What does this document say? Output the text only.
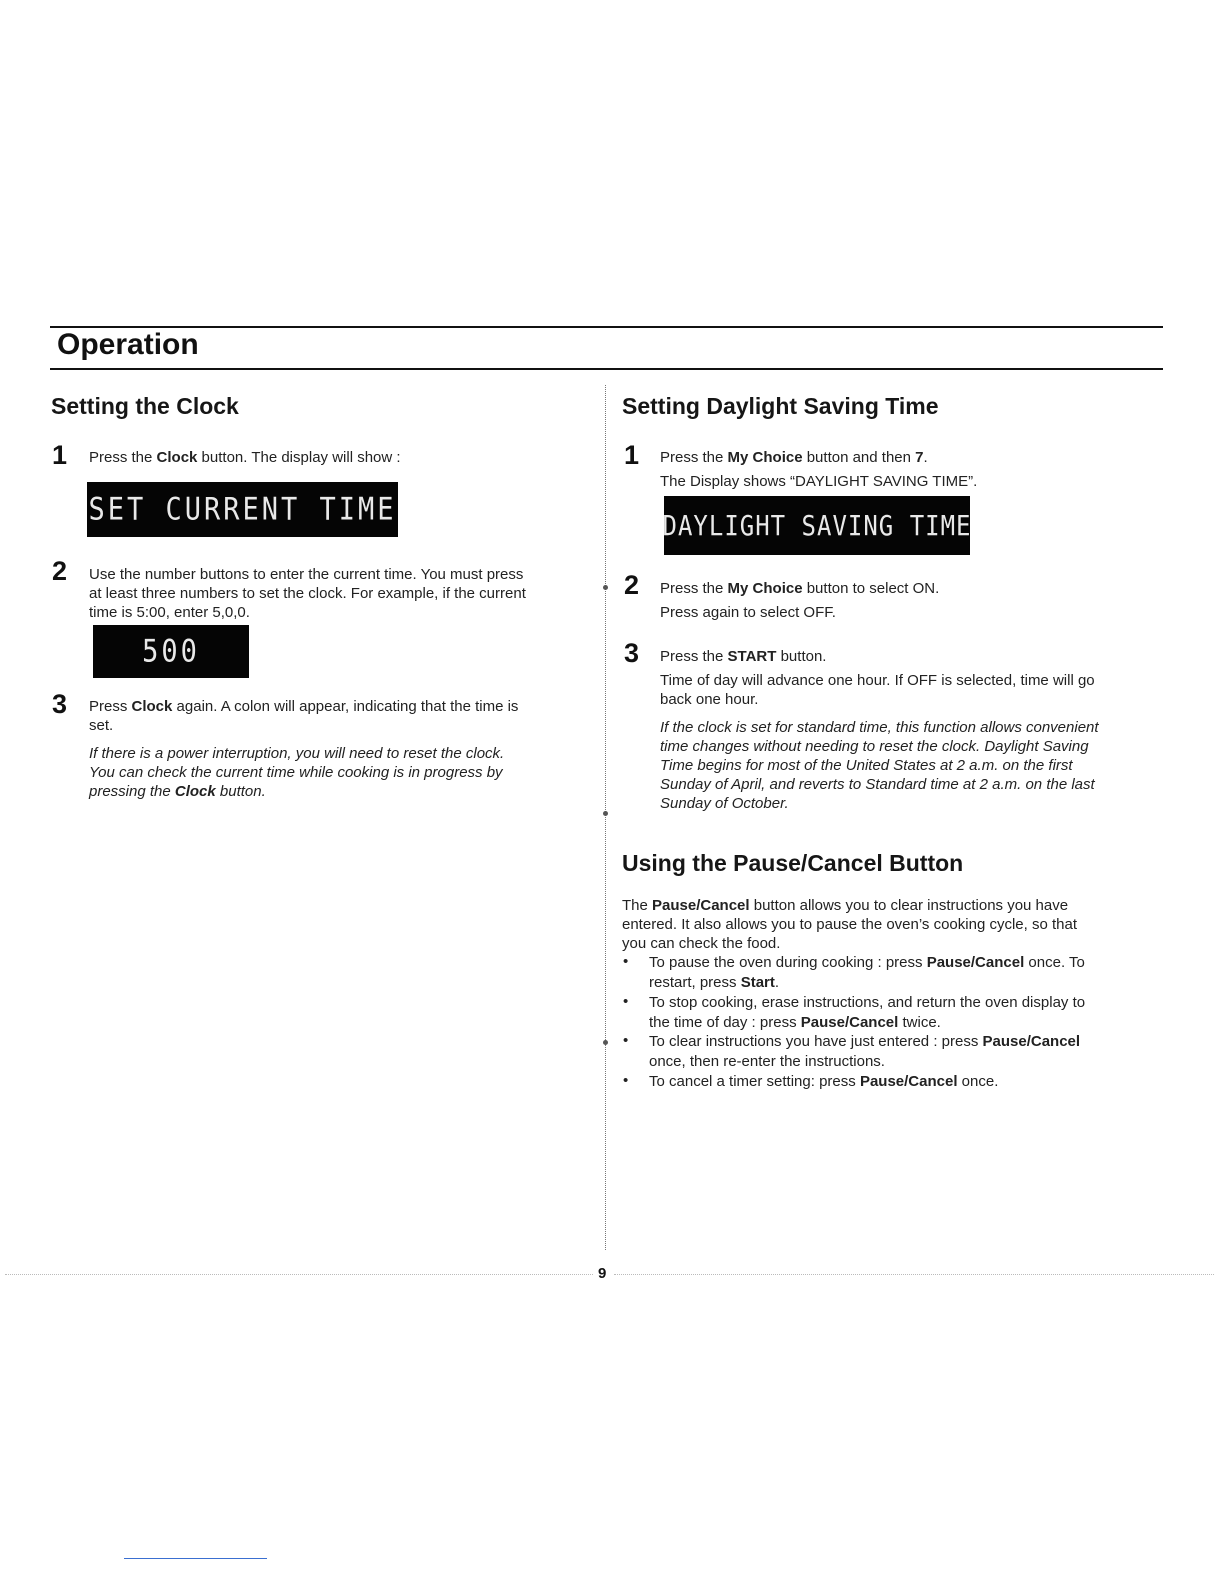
Operation
Setting the Clock
1 Press the Clock button. The display will show :
SET CURRENT TIME
2 Use the number buttons to enter the current time. You must press
at least three numbers to set the clock. For example, if the current
time is 5:00, enter 5,0,0.
500
3 Press Clock again. A colon will appear, indicating that the time is
set.
If there is a power interruption, you will need to reset the clock.
You can check the current time while cooking is in progress by
pressing the Clock button.
Setting Daylight Saving Time
1 Press the My Choice button and then 7.
The Display shows “DAYLIGHT SAVING TIME”.
DAYLIGHT SAVING TIME
2 Press the My Choice button to select ON.
Press again to select OFF.
3 Press the START button.
Time of day will advance one hour. If OFF is selected, time will go
back one hour.
If the clock is set for standard time, this function allows convenient
time changes without needing to reset the clock. Daylight Saving
Time begins for most of the United States at 2 a.m. on the first
Sunday of April, and reverts to Standard time at 2 a.m. on the last
Sunday of October.
Using the Pause/Cancel Button
The Pause/Cancel button allows you to clear instructions you have
entered. It also allows you to pause the oven’s cooking cycle, so that
you can check the food.
• To pause the oven during cooking : press Pause/Cancel once. To
restart, press Start.
• To stop cooking, erase instructions, and return the oven display to
the time of day : press Pause/Cancel twice.
• To clear instructions you have just entered : press Pause/Cancel
once, then re-enter the instructions.
• To cancel a timer setting: press Pause/Cancel once.
9
